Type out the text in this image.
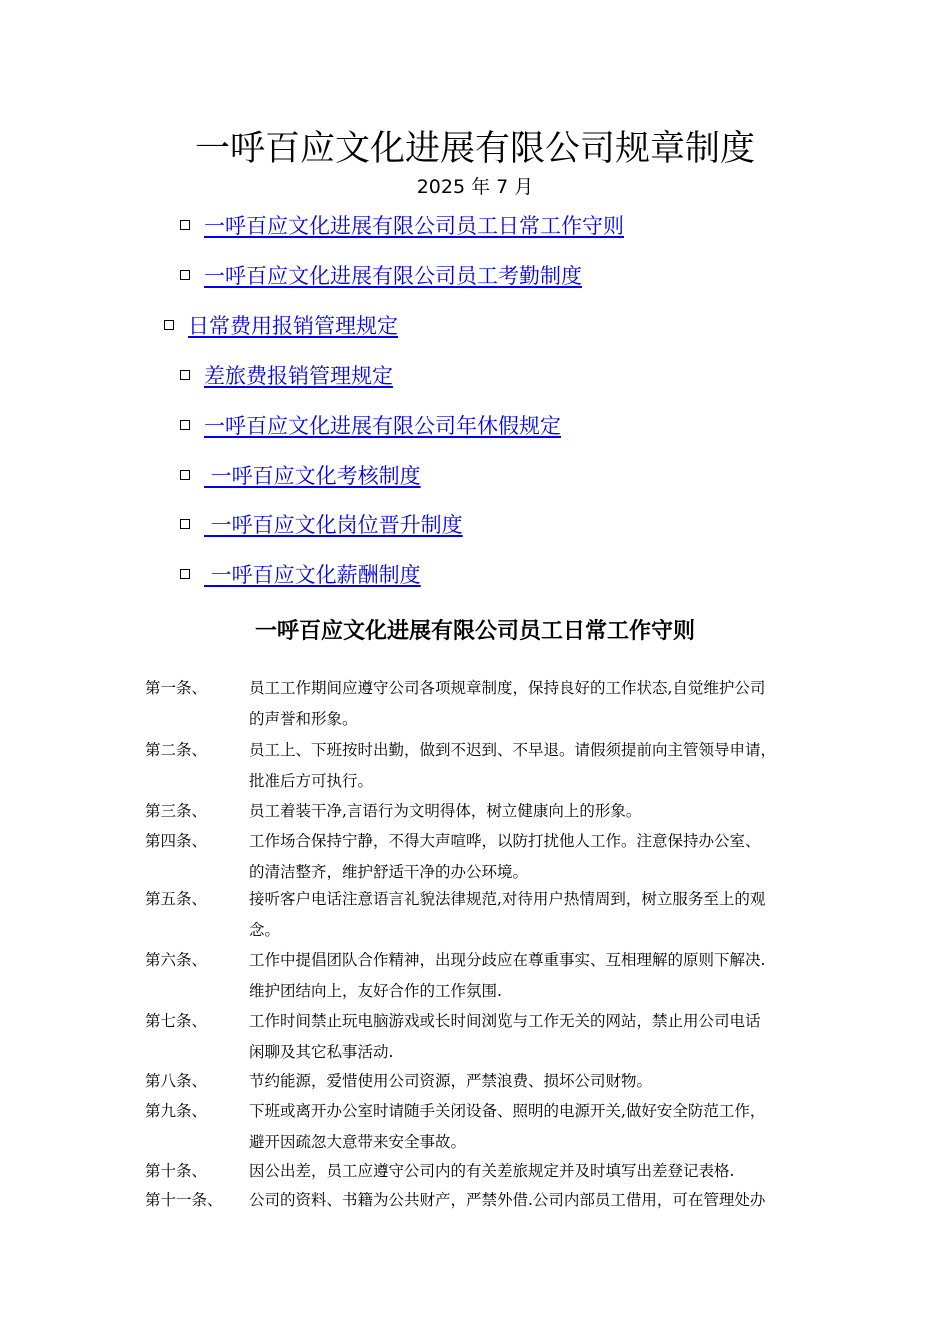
一呼百应文化进展有限公司规章制度
2025 年 7 月
一呼百应文化进展有限公司员工日常工作守则
一呼百应文化进展有限公司员工考勤制度
日常费用报销管理规定
差旅费报销管理规定
一呼百应文化进展有限公司年休假规定
一呼百应文化考核制度
一呼百应文化岗位晋升制度
一呼百应文化薪酬制度
一呼百应文化进展有限公司员工日常工作守则
第一条、	员工工作期间应遵守公司各项规章制度，保持良好的工作状态,自觉维护公司
的声誉和形象。
第二条、	员工上、下班按时出勤，做到不迟到、不早退。请假须提前向主管领导申请，
批准后方可执行。
第三条、	员工着装干净,言语行为文明得体，树立健康向上的形象。
第四条、	工作场合保持宁静，不得大声喧哗，以防打扰他人工作。注意保持办公室、
的清洁整齐，维护舒适干净的办公环境。
第五条、	接听客户电话注意语言礼貌法律规范,对待用户热情周到，树立服务至上的观
念。
第六条、	工作中提倡团队合作精神，出现分歧应在尊重事实、互相理解的原则下解决.
维护团结向上，友好合作的工作氛围.
第七条、	工作时间禁止玩电脑游戏或长时间浏览与工作无关的网站，禁止用公司电话
闲聊及其它私事活动.
第八条、	节约能源，爱惜使用公司资源，严禁浪费、损坏公司财物。
第九条、	下班或离开办公室时请随手关闭设备、照明的电源开关,做好安全防范工作，
避开因疏忽大意带来安全事故。
第十条、	因公出差，员工应遵守公司内的有关差旅规定并及时填写出差登记表格.
第十一条、 公司的资料、书籍为公共财产，严禁外借.公司内部员工借用，可在管理处办
